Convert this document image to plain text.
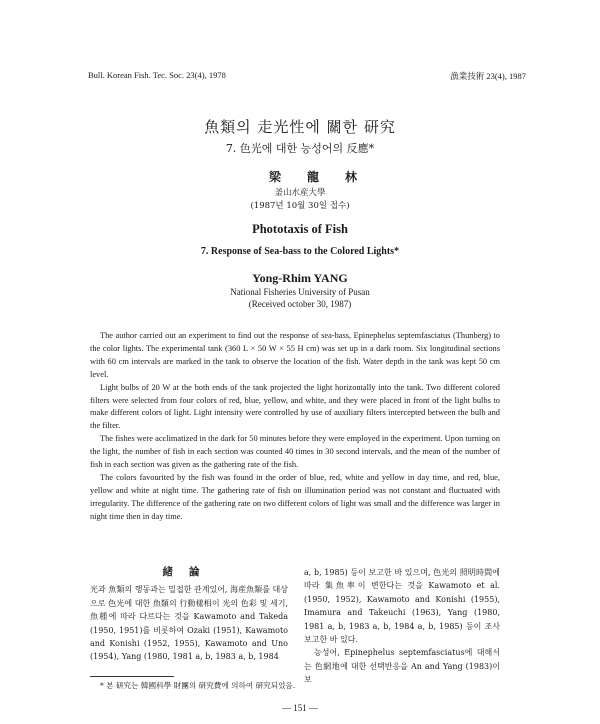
Bull. Korean Fish. Tec. Soc. 23(4), 1978	漁業技術 23(4), 1987
魚類의 走光性에 關한 研究
7. 色光에 대한 능성어의 反應*
梁龍林
釜山水産大學
(1987년 10월 30일 접수)
Phototaxis of Fish
7. Response of Sea-bass to the Colored Lights*
Yong-Rhim YANG
National Fisheries University of Pusan
(Received october 30, 1987)

The author carried out an experiment to find out the response of sea-bass, Epinephelus septemfasciatus (Thunberg) to the color lights. The experimental tank (360 L × 50 W × 55 H cm) was set up in a dark room. Six longitudinal sections with 60 cm intervals are marked in the tank to observe the location of the fish. Water depth in the tank was kept 50 cm level.

Light bulbs of 20 W at the both ends of the tank projected the light horizontally into the tank. Two different colored filters were selected from four colors of red, blue, yellow, and white, and they were placed in front of the light bulbs to make different colors of light. Light intensity were controlled by use of auxiliary filters intercepted between the bulb and the filter.

The fishes were acclimatized in the dark for 50 minutes before they were employed in the experiment. Upon turning on the light, the number of fish in each section was counted 40 times in 30 second intervals, and the mean of the number of fish in each section was given as the gathering rate of the fish.

The colors favourited by the fish was found in the order of blue, red, white and yellow in day time, and red, blue, yellow and white at night time. The gathering rate of fish on illumination period was not constant and fluctuated with irregularity. The difference of the gathering rate on two different colors of light was small and the difference was larger in night time then in day time.

緒論

光과 魚類의 행동과는 밀접한 관계있어, 海産魚類를 대상으로 色光에 대한 魚類의 行動樣相이 光의 色彩 및 세기, 魚種에 따라 다르다는 것을 Kawamoto and Takeda (1950, 1951)를 비롯하여 Ozaki (1951), Kawamoto and Konishi (1952, 1955), Kawamoto and Uno (1954), Yang (1980, 1981 a, b, 1983 a, b, 1984

a, b, 1985) 등이 보고한 바 있으며, 色光의 照明時間에 따라 集魚率이 변한다는 것을 Kawamoto et al. (1950, 1952), Kawamoto and Konishi (1955), Imamura and Takeuchi (1963), Yang (1980, 1981 a, b, 1983 a, b, 1984 a, b, 1985) 등이 조사 보고한 바 있다.

능성어, Epinephelus septemfasciatus에 대해서는 色網地에 대한 선택반응을 An and Yang (1983)이 보

* 본 研究는 韓國科學 財團의 研究費에 의하여 研究되었음.
— 151 —
